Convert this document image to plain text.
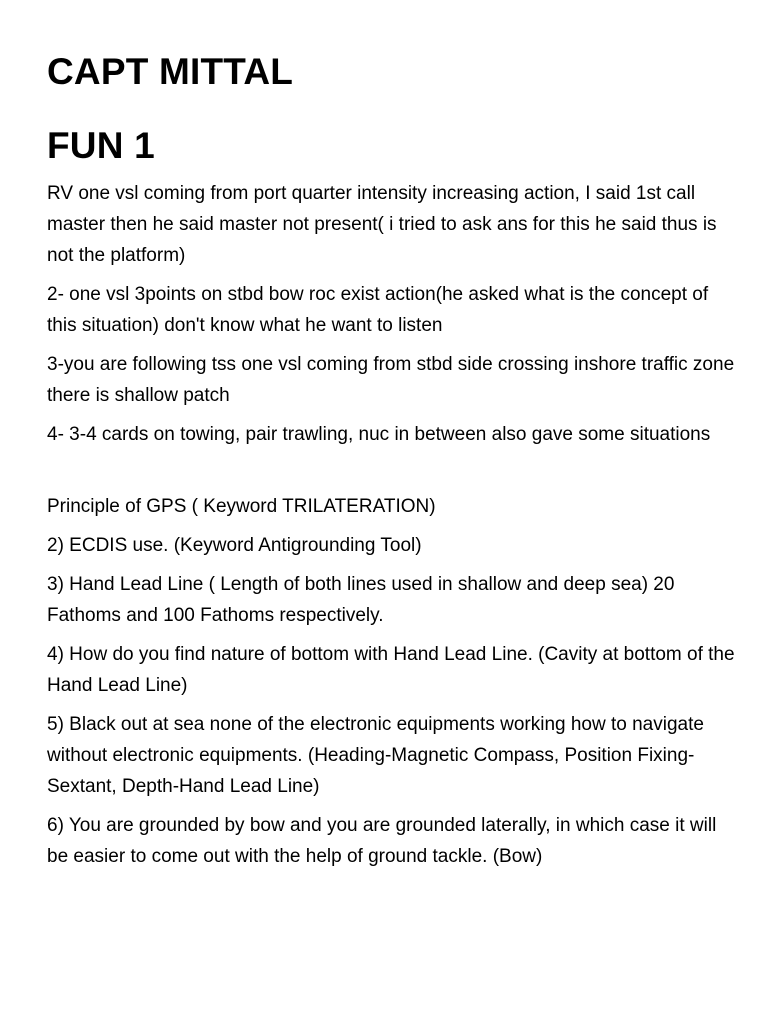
CAPT MITTAL
FUN 1

RV one vsl coming from port quarter intensity increasing action, I said 1st call master then he said master not present( i tried to ask ans for this he said thus is not the platform)

2- one vsl 3points on stbd bow roc exist action(he asked what is the concept of this situation) don't know what he want to listen

3-you are following tss one vsl coming from stbd side crossing inshore traffic zone there is shallow patch

4- 3-4 cards on towing, pair trawling, nuc in between also gave some situations

Principle of GPS ( Keyword TRILATERATION)

2) ECDIS use. (Keyword Antigrounding Tool)

3) Hand Lead Line ( Length of both lines used in shallow and deep sea) 20 Fathoms and 100 Fathoms respectively.

4) How do you find nature of bottom with Hand Lead Line. (Cavity at bottom of the Hand Lead Line)

5) Black out at sea none of the electronic equipments working how to navigate without electronic equipments. (Heading-Magnetic Compass, Position Fixing-Sextant, Depth-Hand Lead Line)

6) You are grounded by bow and you are grounded laterally, in which case it will be easier to come out with the help of ground tackle. (Bow)
